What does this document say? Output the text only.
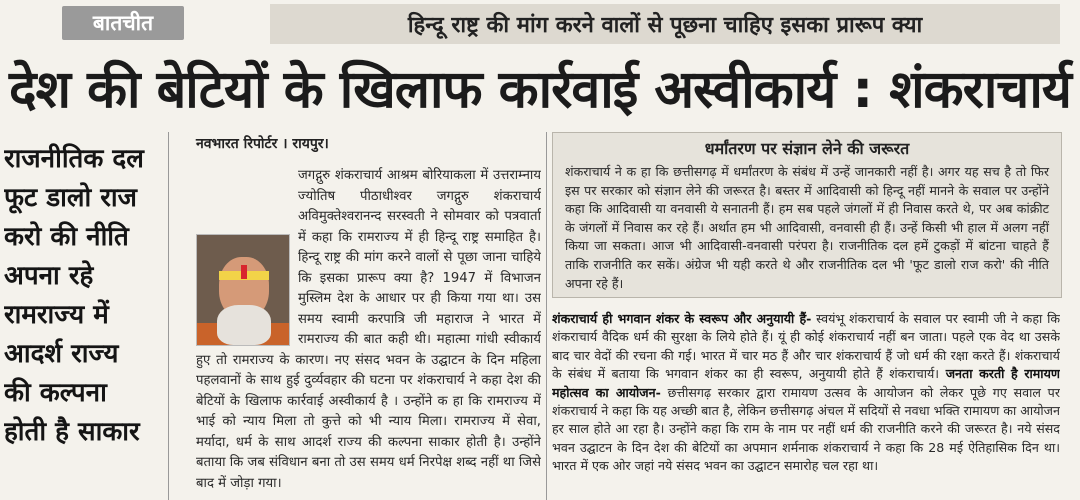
बातचीत	हिन्दू राष्ट्र की मांग करने वालों से पूछना चाहिए इसका प्रारूप क्या
देश की बेटियों के खिलाफ कार्रवाई अस्वीकार्य : शंकराचार्य
राजनीतिक दल फूट डालो राज करो की नीति अपना रहे रामराज्य में आदर्श राज्य की कल्पना होती है साकार
नवभारत रिपोर्टर । रायपुर।
जगद्गुरु शंकराचार्य आश्रम बोरियाकला में उत्तराम्नाय ज्योतिष पीठाधीश्वर जगद्गुरु शंकराचार्य अविमुक्तेश्वरानन्द सरस्वती ने सोमवार को पत्रवार्ता में कहा कि रामराज्य में ही हिन्दू राष्ट्र समाहित है। हिन्दू राष्ट्र की मांग करने वालों से पूछा जाना चाहिये कि इसका प्रारूप क्या है? 1947 में विभाजन मुस्लिम देश के आधार पर ही किया गया था। उस समय स्वामी करपात्रि जी महाराज ने भारत में रामराज्य की बात कही थी। महात्मा गांधी स्वीकार्य हुए तो रामराज्य के कारण। नए संसद भवन के उद्घाटन के दिन महिला पहलवानों के साथ हुई दुर्व्यवहार की घटना पर शंकराचार्य ने कहा देश की बेटियों के खिलाफ कार्रवाई अस्वीकार्य है । उन्होंने क हा कि रामराज्य में भाई को न्याय मिला तो कुत्ते को भी न्याय मिला। रामराज्य में सेवा, मर्यादा, धर्म के साथ आदर्श राज्य की कल्पना साकार होती है। उन्होंने बताया कि जब संविधान बना तो उस समय धर्म निरपेक्ष शब्द नहीं था जिसे बाद में जोड़ा गया।
धर्मांतरण पर संज्ञान लेने की जरूरत
शंकराचार्य ने क हा कि छत्तीसगढ़ में धर्मांतरण के संबंध में उन्हें जानकारी नहीं है। अगर यह सच है तो फिर इस पर सरकार को संज्ञान लेने की जरूरत है। बस्तर में आदिवासी को हिन्दू नहीं मानने के सवाल पर उन्होंने कहा कि आदिवासी या वनवासी ये सनातनी हैं। हम सब पहले जंगलों में ही निवास करते थे, पर अब कांक्रीट के जंगलों में निवास कर रहे हैं। अर्थात हम भी आदिवासी, वनवासी ही हैं। उन्हें किसी भी हाल में अलग नहीं किया जा सकता। आज भी आदिवासी-वनवासी परंपरा है। राजनीतिक दल हमें टुकड़ों में बांटना चाहते हैं ताकि राजनीति कर सकें। अंग्रेज भी यही करते थे और राजनीतिक दल भी 'फूट डालो राज करो' की नीति अपना रहे हैं।
शंकराचार्य ही भगवान शंकर के स्वरूप और अनुयायी हैं- स्वयंभू शंकराचार्य के सवाल पर स्वामी जी ने कहा कि शंकराचार्य वैदिक धर्म की सुरक्षा के लिये होते हैं। यूं ही कोई शंकराचार्य नहीं बन जाता। पहले एक वेद था उसके बाद चार वेदों की रचना की गई। भारत में चार मठ हैं और चार शंकराचार्य हैं जो धर्म की रक्षा करते हैं। शंकराचार्य के संबंध में बताया कि भगवान शंकर का ही स्वरूप, अनुयायी होते हैं शंकराचार्य। जनता करती है रामायण महोत्सव का आयोजन- छत्तीसगढ़ सरकार द्वारा रामायण उत्सव के आयोजन को लेकर पूछे गए सवाल पर शंकराचार्य ने कहा कि यह अच्छी बात है, लेकिन छत्तीसगढ़ अंचल में सदियों से नवधा भक्ति रामायण का आयोजन हर साल होते आ रहा है। उन्होंने कहा कि राम के नाम पर नहीं धर्म की राजनीति करने की जरूरत है। नये संसद भवन उद्घाटन के दिन देश की बेटियों का अपमान शर्मनाक शंकराचार्य ने कहा कि 28 मई ऐतिहासिक दिन था। भारत में एक ओर जहां नये संसद भवन का उद्घाटन समारोह चल रहा था।
